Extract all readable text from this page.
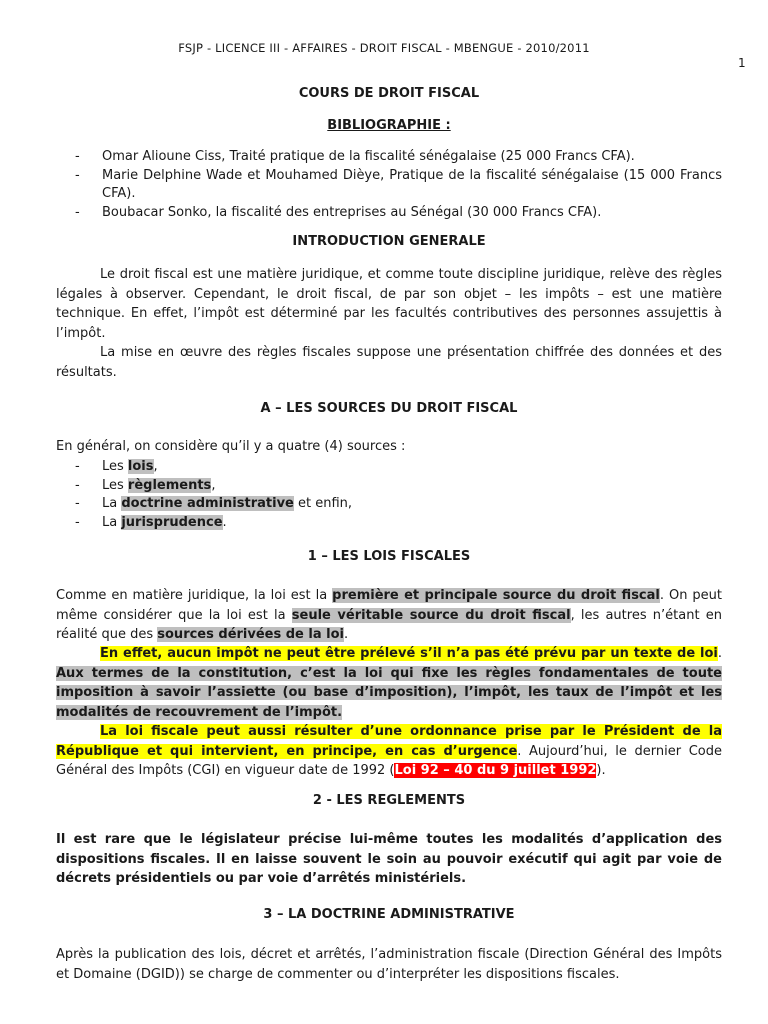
FSJP - LICENCE III - AFFAIRES - DROIT FISCAL - MBENGUE - 2010/2011
1
COURS DE DROIT FISCAL
BIBLIOGRAPHIE :
- Omar Alioune Ciss, Traité pratique de la fiscalité sénégalaise (25 000 Francs CFA).
- Marie Delphine Wade et Mouhamed Dièye, Pratique de la fiscalité sénégalaise (15 000 Francs CFA).
- Boubacar Sonko, la fiscalité des entreprises au Sénégal (30 000 Francs CFA).
INTRODUCTION GENERALE
Le droit fiscal est une matière juridique, et comme toute discipline juridique, relève des règles légales à observer. Cependant, le droit fiscal, de par son objet – les impôts – est une matière technique. En effet, l’impôt est déterminé par les facultés contributives des personnes assujettis à l’impôt.
La mise en œuvre des règles fiscales suppose une présentation chiffrée des données et des résultats.
A – LES SOURCES DU DROIT FISCAL
En général, on considère qu’il y a quatre (4) sources :
- Les lois,
- Les règlements,
- La doctrine administrative et enfin,
- La jurisprudence.
1 – LES LOIS FISCALES
Comme en matière juridique, la loi est la première et principale source du droit fiscal. On peut même considérer que la loi est la seule véritable source du droit fiscal, les autres n’étant en réalité que des sources dérivées de la loi.
En effet, aucun impôt ne peut être prélevé s’il n’a pas été prévu par un texte de loi. Aux termes de la constitution, c’est la loi qui fixe les règles fondamentales de toute imposition à savoir l’assiette (ou base d’imposition), l’impôt, les taux de l’impôt et les modalités de recouvrement de l’impôt.
La loi fiscale peut aussi résulter d’une ordonnance prise par le Président de la République et qui intervient, en principe, en cas d’urgence. Aujourd’hui, le dernier Code Général des Impôts (CGI) en vigueur date de 1992 (Loi 92 – 40 du 9 juillet 1992).
2 - LES REGLEMENTS
Il est rare que le législateur précise lui-même toutes les modalités d’application des dispositions fiscales. Il en laisse souvent le soin au pouvoir exécutif qui agit par voie de décrets présidentiels ou par voie d’arrêtés ministériels.
3 – LA DOCTRINE ADMINISTRATIVE
Après la publication des lois, décret et arrêtés, l’administration fiscale (Direction Général des Impôts et Domaine (DGID)) se charge de commenter ou d’interpréter les dispositions fiscales.
